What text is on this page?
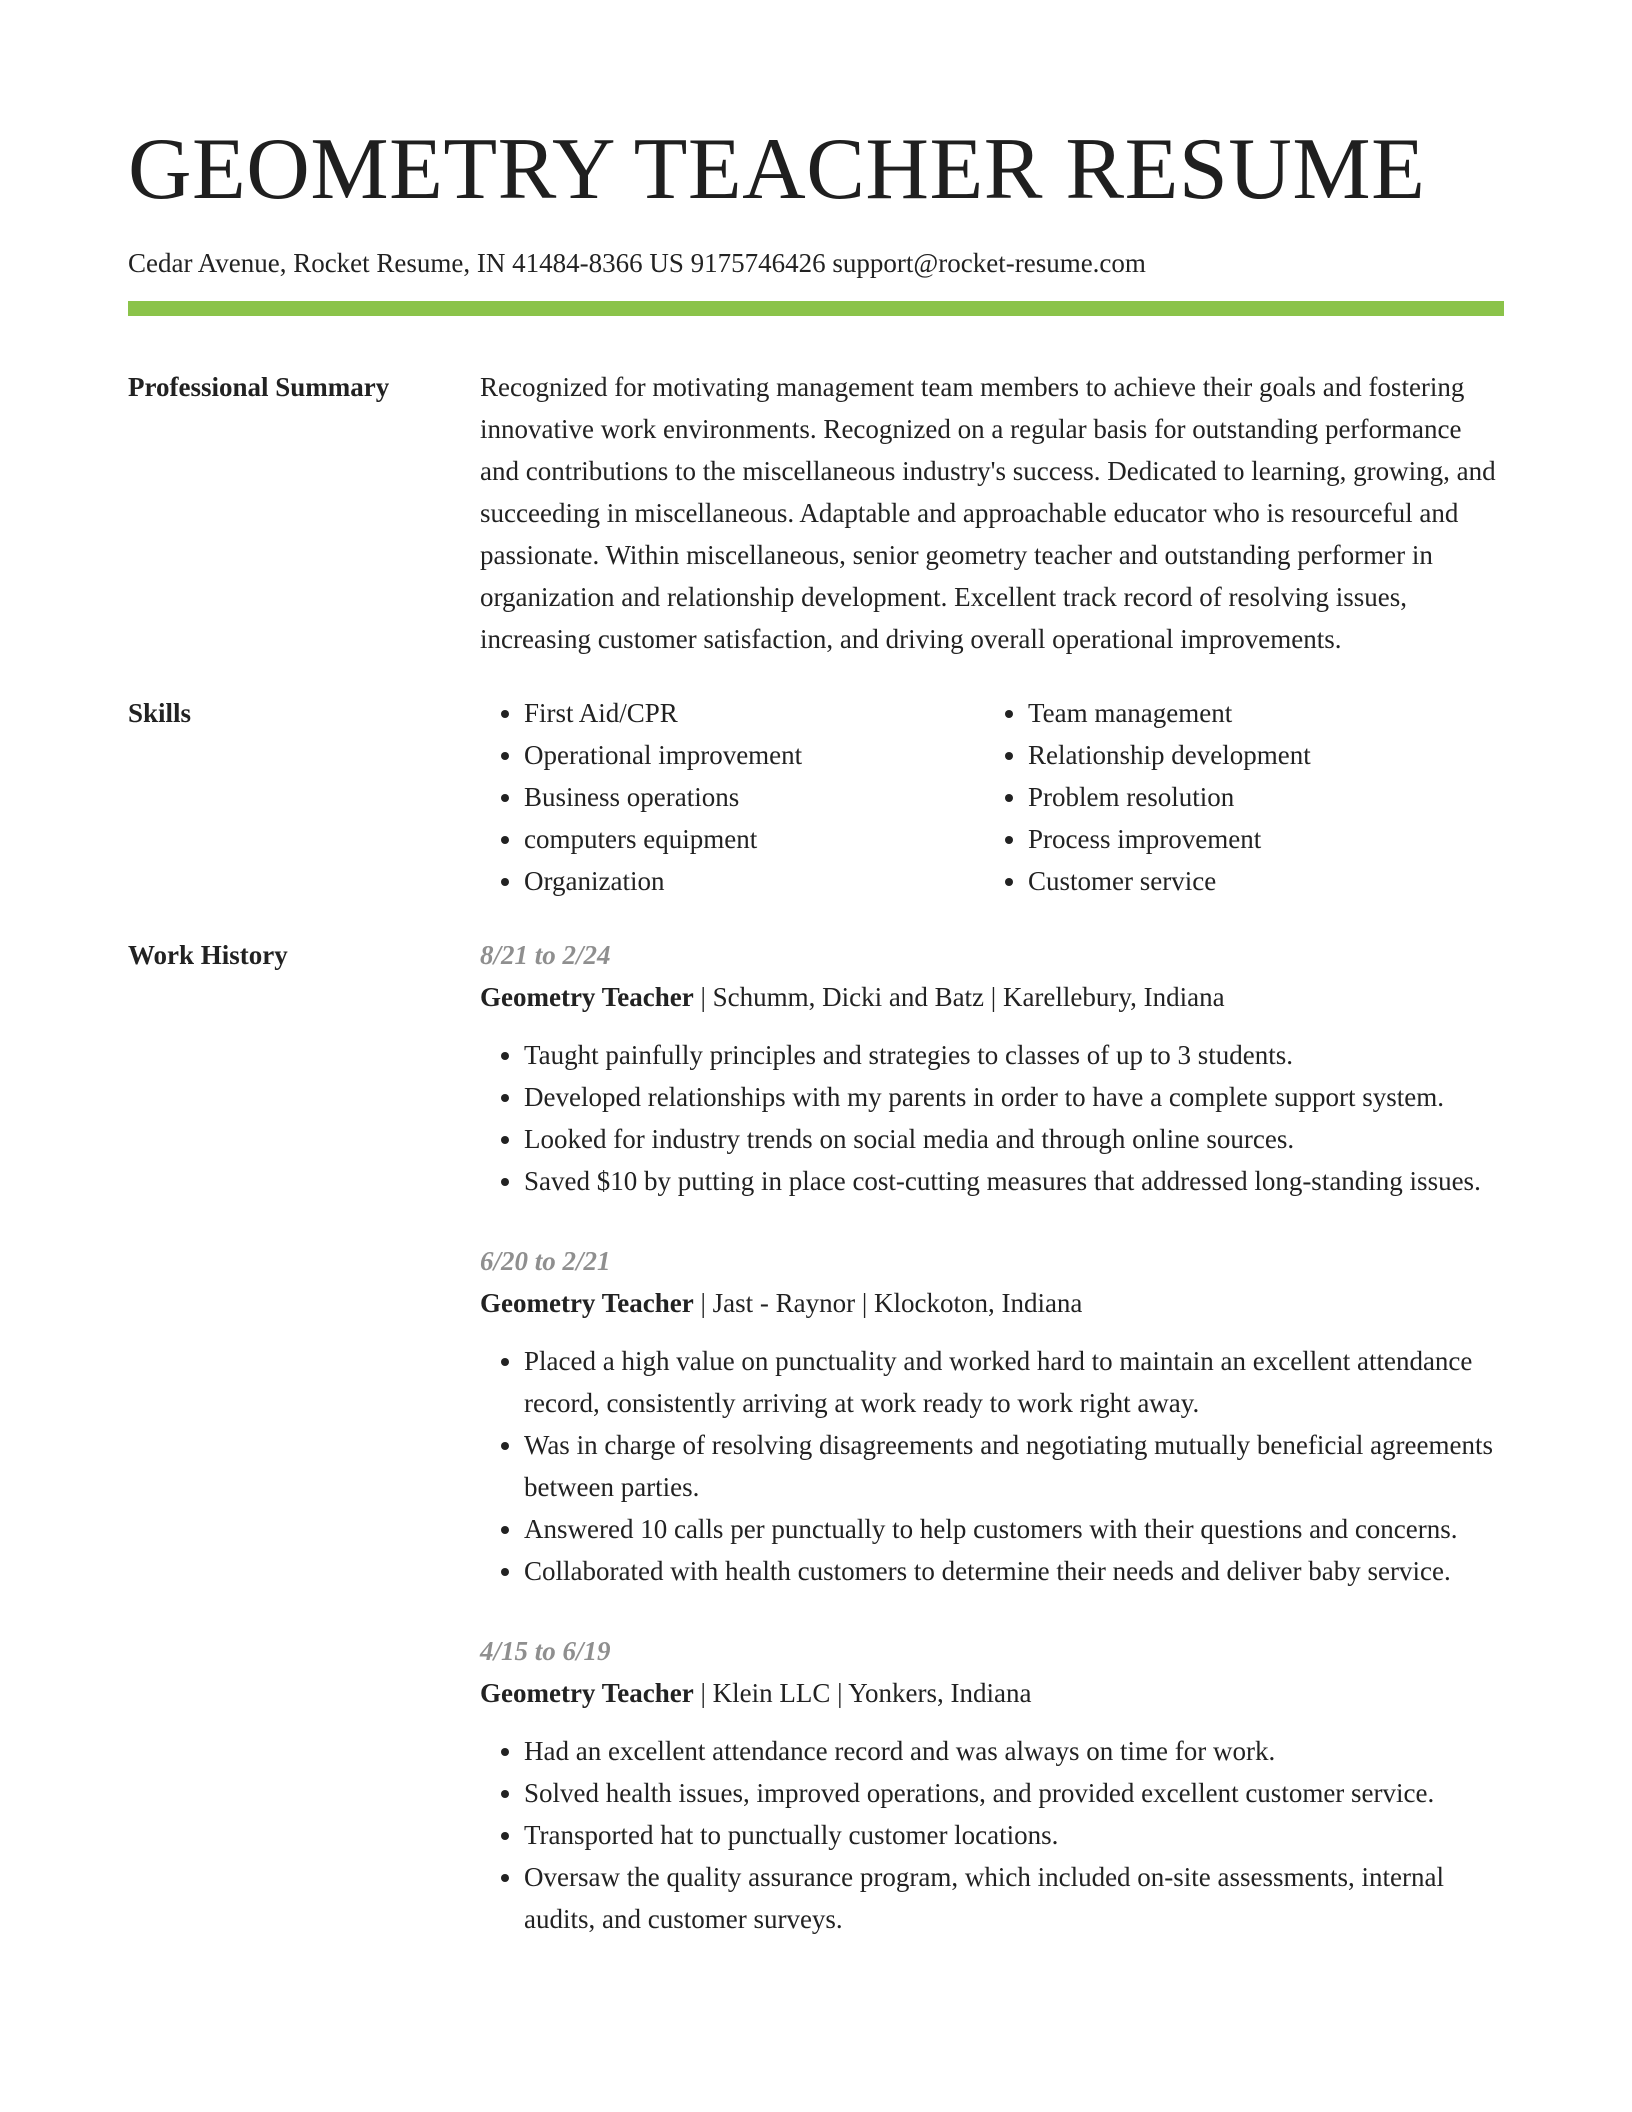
GEOMETRY TEACHER RESUME
Cedar Avenue, Rocket Resume, IN 41484-8366 US 9175746426 support@rocket-resume.com
Professional Summary	Recognized for motivating management team members to achieve their goals and fostering innovative work environments. Recognized on a regular basis for outstanding performance and contributions to the miscellaneous industry's success. Dedicated to learning, growing, and succeeding in miscellaneous. Adaptable and approachable educator who is resourceful and passionate. Within miscellaneous, senior geometry teacher and outstanding performer in organization and relationship development. Excellent track record of resolving issues, increasing customer satisfaction, and driving overall operational improvements.
Skills
•	First Aid/CPR
• Operational improvement
• Business operations
• computers equipment
• Organization
• Team management
• Relationship development
• Problem resolution
• Process improvement
• Customer service
Work History	8/21 to 2/24
Geometry Teacher | Schumm, Dicki and Batz | Karellebury, Indiana
• Taught painfully principles and strategies to classes of up to 3 students.
• Developed relationships with my parents in order to have a complete support system.
• Looked for industry trends on social media and through online sources.
• Saved $10 by putting in place cost-cutting measures that addressed long-standing issues.
6/20 to 2/21
Geometry Teacher | Jast - Raynor | Klockoton, Indiana
• Placed a high value on punctuality and worked hard to maintain an excellent attendance record, consistently arriving at work ready to work right away.
• Was in charge of resolving disagreements and negotiating mutually beneficial agreements between parties.
• Answered 10 calls per punctually to help customers with their questions and concerns.
• Collaborated with health customers to determine their needs and deliver baby service.
4/15 to 6/19
Geometry Teacher | Klein LLC | Yonkers, Indiana
• Had an excellent attendance record and was always on time for work.
• Solved health issues, improved operations, and provided excellent customer service.
• Transported hat to punctually customer locations.
• Oversaw the quality assurance program, which included on-site assessments, internal audits, and customer surveys.
